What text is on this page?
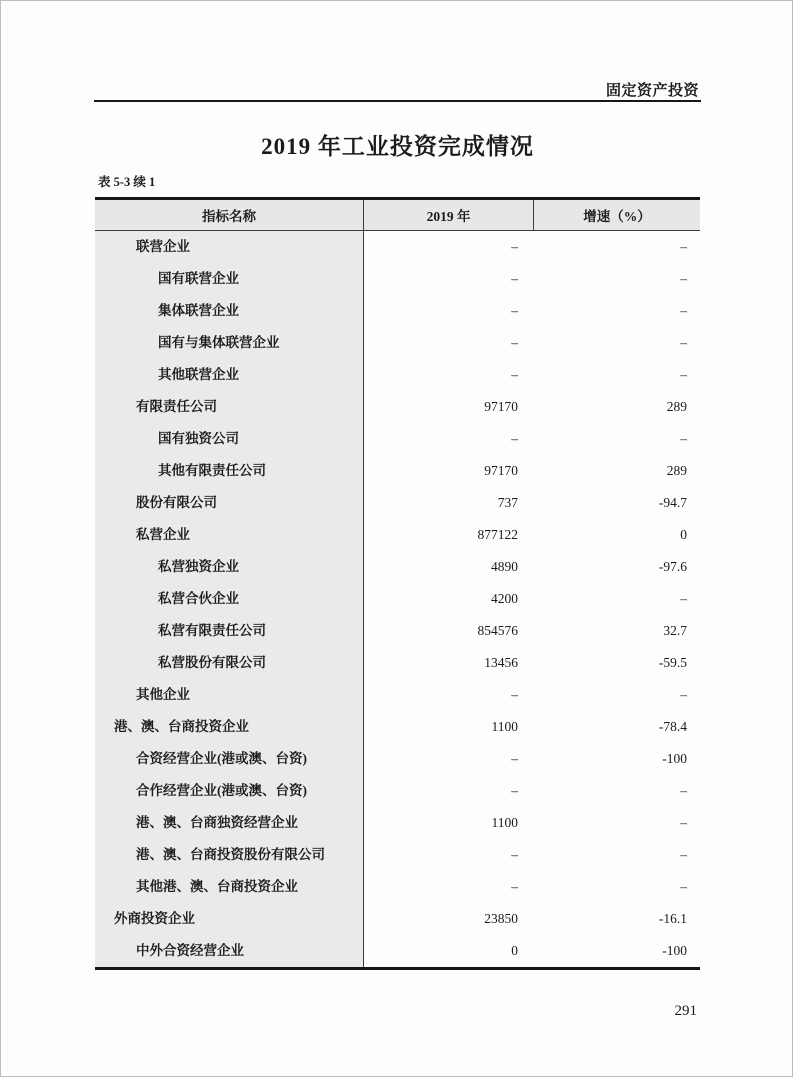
固定资产投资
2019 年工业投资完成情况
表 5-3 续 1
指标名称	2019 年	增速（%）
联营企业	–	–
国有联营企业	–	–
集体联营企业	–	–
国有与集体联营企业	–	–
其他联营企业	–	–
有限责任公司	97170	289
国有独资公司	–	–
其他有限责任公司	97170	289
股份有限公司	737	-94.7
私营企业	877122	0
私营独资企业	4890	-97.6
私营合伙企业	4200	–
私营有限责任公司	854576	32.7
私营股份有限公司	13456	-59.5
其他企业	–	–
港、澳、台商投资企业	1100	-78.4
合资经营企业(港或澳、台资)	–	-100
合作经营企业(港或澳、台资)	–	–
港、澳、台商独资经营企业	1100	–
港、澳、台商投资股份有限公司	–	–
其他港、澳、台商投资企业	–	–
外商投资企业	23850	-16.1
中外合资经营企业	0	-100
291
